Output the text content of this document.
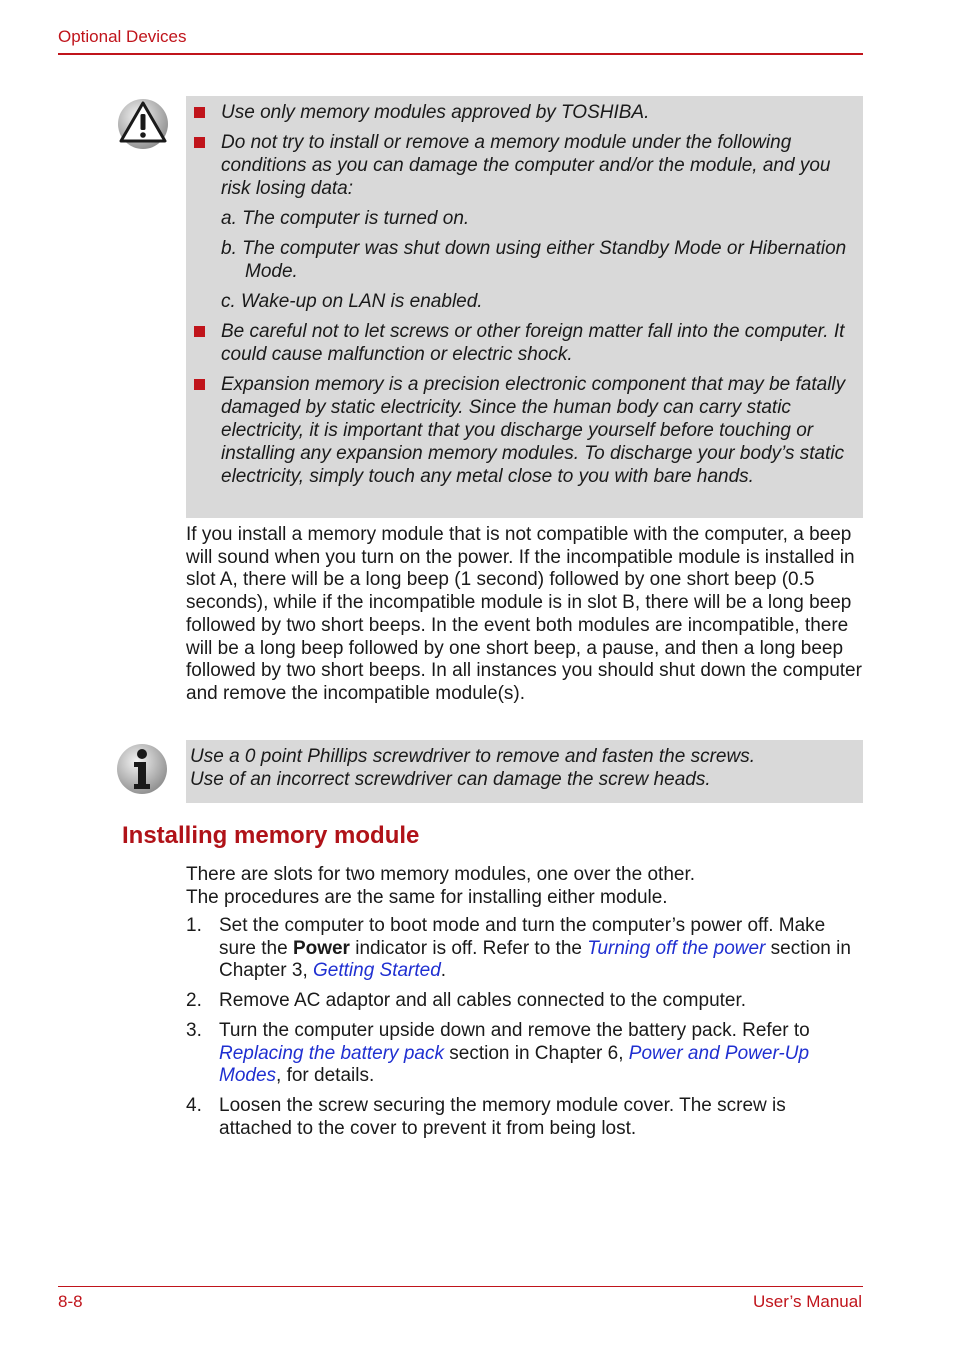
Optional Devices
Use only memory modules approved by TOSHIBA.
Do not try to install or remove a memory module under the following conditions as you can damage the computer and/or the module, and you risk losing data:
a. The computer is turned on.
b. The computer was shut down using either Standby Mode or Hibernation Mode.
c. Wake-up on LAN is enabled.
Be careful not to let screws or other foreign matter fall into the computer. It could cause malfunction or electric shock.
Expansion memory is a precision electronic component that may be fatally damaged by static electricity. Since the human body can carry static electricity, it is important that you discharge yourself before touching or installing any expansion memory modules. To discharge your body’s static electricity, simply touch any metal close to you with bare hands.
If you install a memory module that is not compatible with the computer, a beep will sound when you turn on the power. If the incompatible module is installed in slot A, there will be a long beep (1 second) followed by one short beep (0.5 seconds), while if the incompatible module is in slot B, there will be a long beep followed by two short beeps. In the event both modules are incompatible, there will be a long beep followed by one short beep, a pause, and then a long beep followed by two short beeps. In all instances you should shut down the computer and remove the incompatible module(s).
Use a 0 point Phillips screwdriver to remove and fasten the screws.
Use of an incorrect screwdriver can damage the screw heads.
Installing memory module
There are slots for two memory modules, one over the other.
The procedures are the same for installing either module.
1. Set the computer to boot mode and turn the computer’s power off. Make sure the Power indicator is off. Refer to the Turning off the power section in Chapter 3, Getting Started.
2. Remove AC adaptor and all cables connected to the computer.
3. Turn the computer upside down and remove the battery pack. Refer to Replacing the battery pack section in Chapter 6, Power and Power-Up Modes, for details.
4. Loosen the screw securing the memory module cover. The screw is attached to the cover to prevent it from being lost.
8-8	User’s Manual
